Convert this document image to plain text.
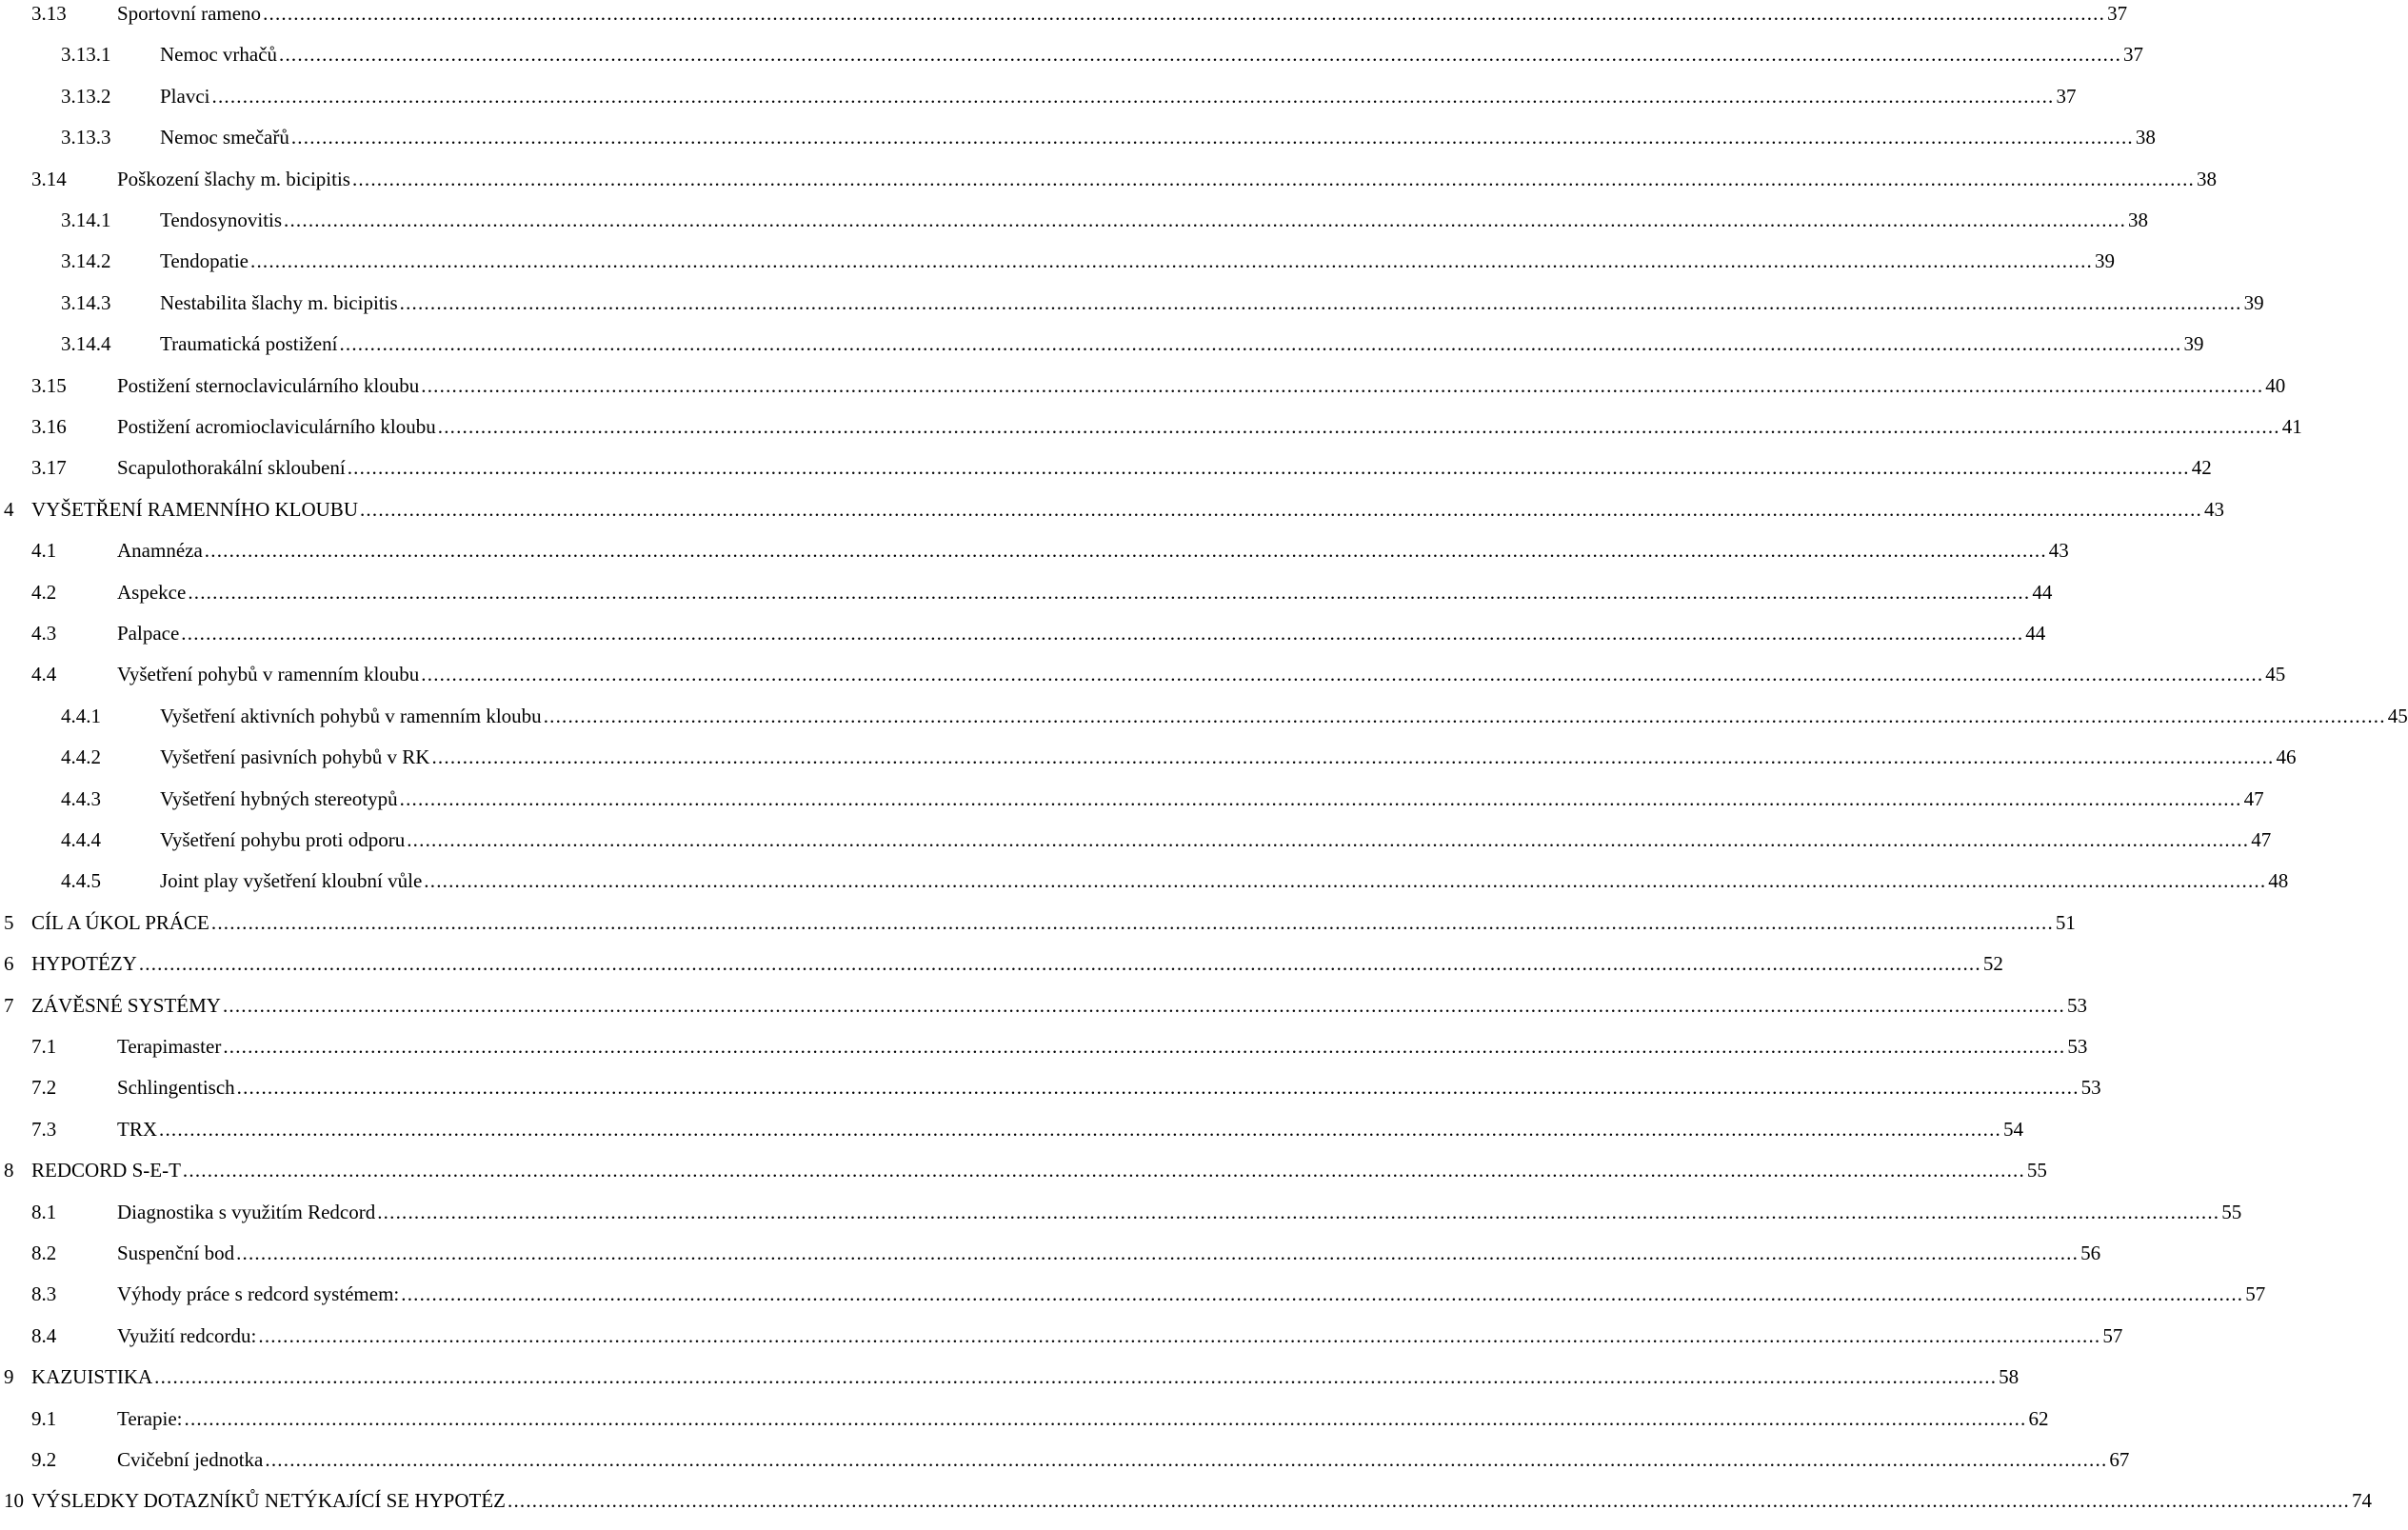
3.13	Sportovní rameno ............................................................................................................................................................................................................................................................................................................ 37
3.13.1 Nemoc vrhačů ............................................................................................................................................................................................................................................................................................................ 37
3.13.2 Plavci ............................................................................................................................................................................................................................................................................................................ 37
3.13.3 Nemoc smečařů ............................................................................................................................................................................................................................................................................................................ 38
3.14	Poškození šlachy m. bicipitis ............................................................................................................................................................................................................................................................................................................ 38
3.14.1 Tendosynovitis ............................................................................................................................................................................................................................................................................................................ 38
3.14.2 Tendopatie ............................................................................................................................................................................................................................................................................................................ 39
3.14.3 Nestabilita šlachy m. bicipitis ............................................................................................................................................................................................................................................................................................................ 39
3.14.4 Traumatická postižení ............................................................................................................................................................................................................................................................................................................ 39
3.15	Postižení sternoclaviculárního kloubu ............................................................................................................................................................................................................................................................................................................ 40
3.16	Postižení acromioclaviculárního kloubu ............................................................................................................................................................................................................................................................................................................ 41
3.17	Scapulothorakální skloubení ............................................................................................................................................................................................................................................................................................................ 42
4 VYŠETŘENÍ RAMENNÍHO KLOUBU ............................................................................................................................................................................................................................................................................................................ 43
4.1	Anamnéza ............................................................................................................................................................................................................................................................................................................ 43
4.2	Aspekce ............................................................................................................................................................................................................................................................................................................ 44
4.3	Palpace ............................................................................................................................................................................................................................................................................................................ 44
4.4	Vyšetření pohybů v ramenním kloubu ............................................................................................................................................................................................................................................................................................................ 45
4.4.1	Vyšetření aktivních pohybů v ramenním kloubu ............................................................................................................................................................................................................................................................................................................ 45
4.4.2	Vyšetření pasivních pohybů v RK ............................................................................................................................................................................................................................................................................................................ 46
4.4.3	Vyšetření hybných stereotypů ............................................................................................................................................................................................................................................................................................................ 47
4.4.4	Vyšetření pohybu proti odporu ............................................................................................................................................................................................................................................................................................................ 47
4.4.5	Joint play vyšetření kloubní vůle ............................................................................................................................................................................................................................................................................................................ 48
5 CÍL A ÚKOL PRÁCE ............................................................................................................................................................................................................................................................................................................ 51
6 HYPOTÉZY ............................................................................................................................................................................................................................................................................................................ 52
7 ZÁVĚSNÉ SYSTÉMY ............................................................................................................................................................................................................................................................................................................ 53
7.1	Terapimaster ............................................................................................................................................................................................................................................................................................................ 53
7.2	Schlingentisch ............................................................................................................................................................................................................................................................................................................ 53
7.3	TRX ............................................................................................................................................................................................................................................................................................................ 54
8 REDCORD S-E-T ............................................................................................................................................................................................................................................................................................................ 55
8.1	Diagnostika s využitím Redcord ............................................................................................................................................................................................................................................................................................................ 55
8.2	Suspenční bod ............................................................................................................................................................................................................................................................................................................ 56
8.3	Výhody práce s redcord systémem: ............................................................................................................................................................................................................................................................................................................ 57
8.4	Využití redcordu: ............................................................................................................................................................................................................................................................................................................ 57
9 KAZUISTIKA ............................................................................................................................................................................................................................................................................................................ 58
9.1	Terapie: ............................................................................................................................................................................................................................................................................................................ 62
9.2	Cvičební jednotka ............................................................................................................................................................................................................................................................................................................ 67
10 VÝSLEDKY DOTAZNÍKŮ NETÝKAJÍCÍ SE HYPOTÉZ ............................................................................................................................................................................................................................................................................................................ 74
